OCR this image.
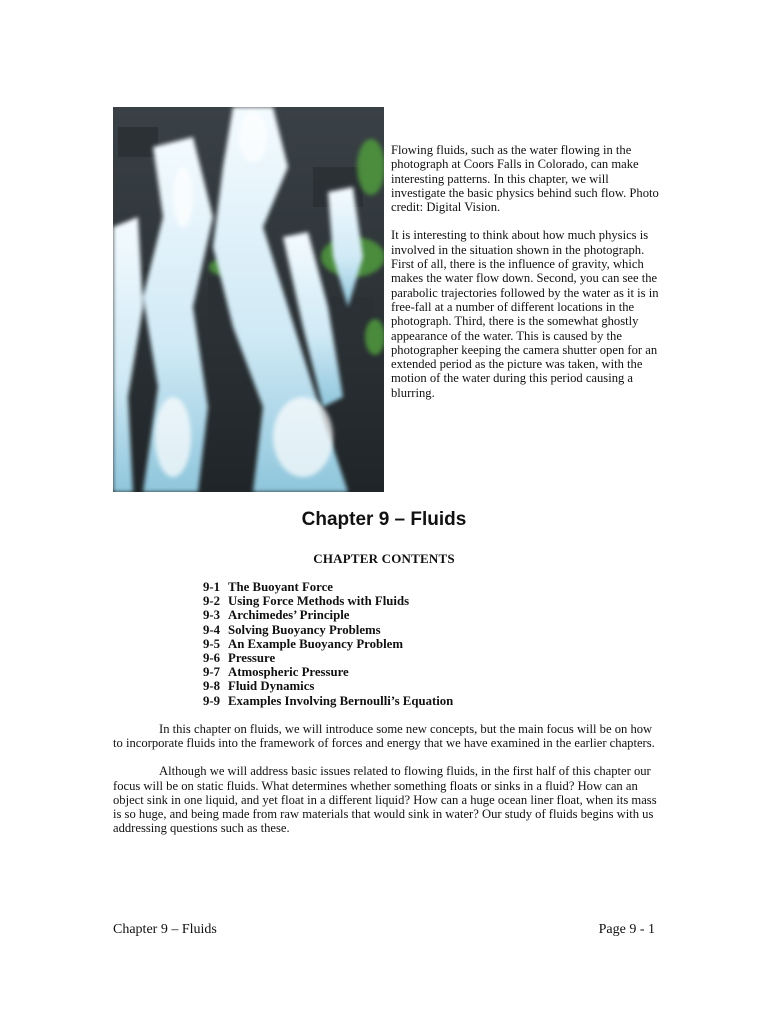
Flowing fluids, such as the water flowing in the photograph at Coors Falls in Colorado, can make interesting patterns. In this chapter, we will investigate the basic physics behind such flow. Photo credit: Digital Vision.

It is interesting to think about how much physics is involved in the situation shown in the photograph. First of all, there is the influence of gravity, which makes the water flow down. Second, you can see the parabolic trajectories followed by the water as it is in free-fall at a number of different locations in the photograph. Third, there is the somewhat ghostly appearance of the water. This is caused by the photographer keeping the camera shutter open for an extended period as the picture was taken, with the motion of the water during this period causing a blurring.

Chapter 9 – Fluids
CHAPTER CONTENTS
9-1 The Buoyant Force
9-2 Using Force Methods with Fluids
9-3 Archimedes’ Principle
9-4 Solving Buoyancy Problems
9-5 An Example Buoyancy Problem
9-6 Pressure
9-7 Atmospheric Pressure
9-8 Fluid Dynamics
9-9 Examples Involving Bernoulli’s Equation

In this chapter on fluids, we will introduce some new concepts, but the main focus will be on how to incorporate fluids into the framework of forces and energy that we have examined in the earlier chapters.

Although we will address basic issues related to flowing fluids, in the first half of this chapter our focus will be on static fluids. What determines whether something floats or sinks in a fluid? How can an object sink in one liquid, and yet float in a different liquid? How can a huge ocean liner float, when its mass is so huge, and being made from raw materials that would sink in water? Our study of fluids begins with us addressing questions such as these.

Chapter 9 – Fluids	Page 9 - 1
